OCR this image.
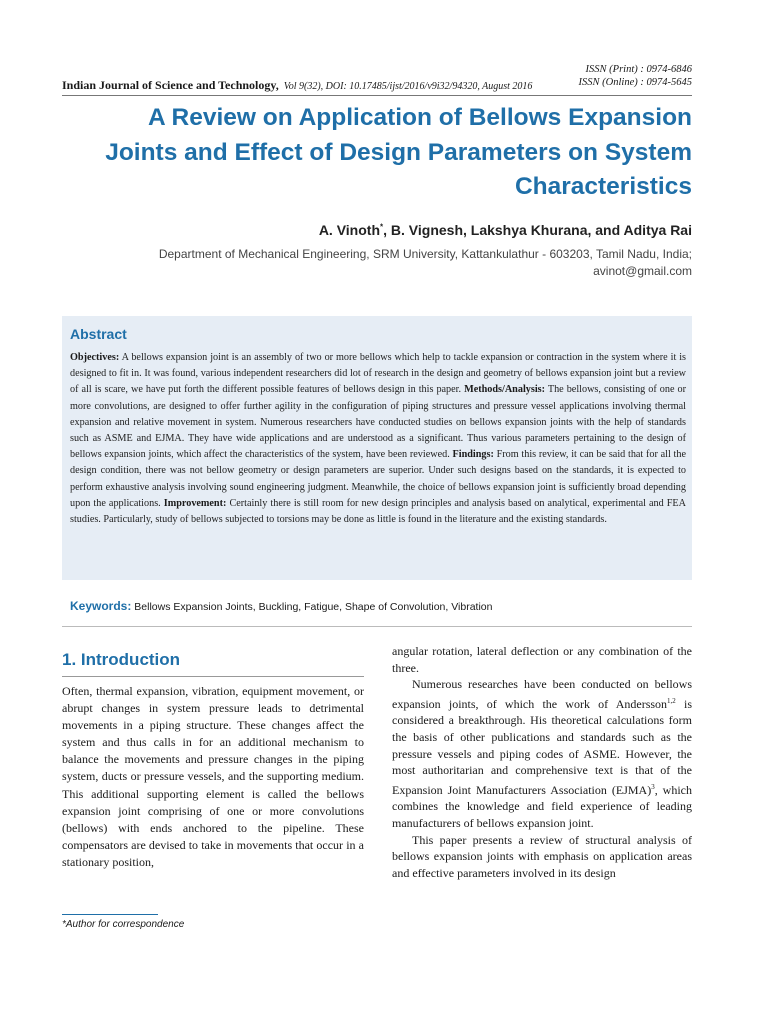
Indian Journal of Science and Technology, Vol 9(32), DOI: 10.17485/ijst/2016/v9i32/94320, August 2016
ISSN (Print) : 0974-6846
ISSN (Online) : 0974-5645
A Review on Application of Bellows Expansion Joints and Effect of Design Parameters on System Characteristics
A. Vinoth*, B. Vignesh, Lakshya Khurana, and Aditya Rai
Department of Mechanical Engineering, SRM University, Kattankulathur - 603203, Tamil Nadu, India; avinot@gmail.com
Abstract

Objectives: A bellows expansion joint is an assembly of two or more bellows which help to tackle expansion or contraction in the system where it is designed to fit in. It was found, various independent researchers did lot of research in the design and geometry of bellows expansion joint but a review of all is scare, we have put forth the different possible features of bellows design in this paper. Methods/Analysis: The bellows, consisting of one or more convolutions, are designed to offer further agility in the configuration of piping structures and pressure vessel applications involving thermal expansion and relative movement in system. Numerous researchers have conducted studies on bellows expansion joints with the help of standards such as ASME and EJMA. They have wide applications and are understood as a significant. Thus various parameters pertaining to the design of bellows expansion joints, which affect the characteristics of the system, have been reviewed. Findings: From this review, it can be said that for all the design condition, there was not bellow geometry or design parameters are superior. Under such designs based on the standards, it is expected to perform exhaustive analysis involving sound engineering judgment. Meanwhile, the choice of bellows expansion joint is sufficiently broad depending upon the applications. Improvement: Certainly there is still room for new design principles and analysis based on analytical, experimental and FEA studies. Particularly, study of bellows subjected to torsions may be done as little is found in the literature and the existing standards.

Keywords: Bellows Expansion Joints, Buckling, Fatigue, Shape of Convolution, Vibration
1. Introduction

Often, thermal expansion, vibration, equipment movement, or abrupt changes in system pressure leads to detrimental movements in a piping structure. These changes affect the system and thus calls in for an additional mechanism to balance the movements and pressure changes in the piping system, ducts or pressure vessels, and the supporting medium. This additional supporting element is called the bellows expansion joint comprising of one or more convolutions (bellows) with ends anchored to the pipeline. These compensators are devised to take in movements that occur in a stationary position,

angular rotation, lateral deflection or any combination of the three.

Numerous researches have been conducted on bellows expansion joints, of which the work of Andersson$^{1,2}$ is considered a breakthrough. His theoretical calculations form the basis of other publications and standards such as the pressure vessels and piping codes of ASME. However, the most authoritarian and comprehensive text is that of the Expansion Joint Manufacturers Association (EJMA)$^3$, which combines the knowledge and field experience of leading manufacturers of bellows expansion joint.

This paper presents a review of structural analysis of bellows expansion joints with emphasis on application areas and effective parameters involved in its design

*Author for correspondence
